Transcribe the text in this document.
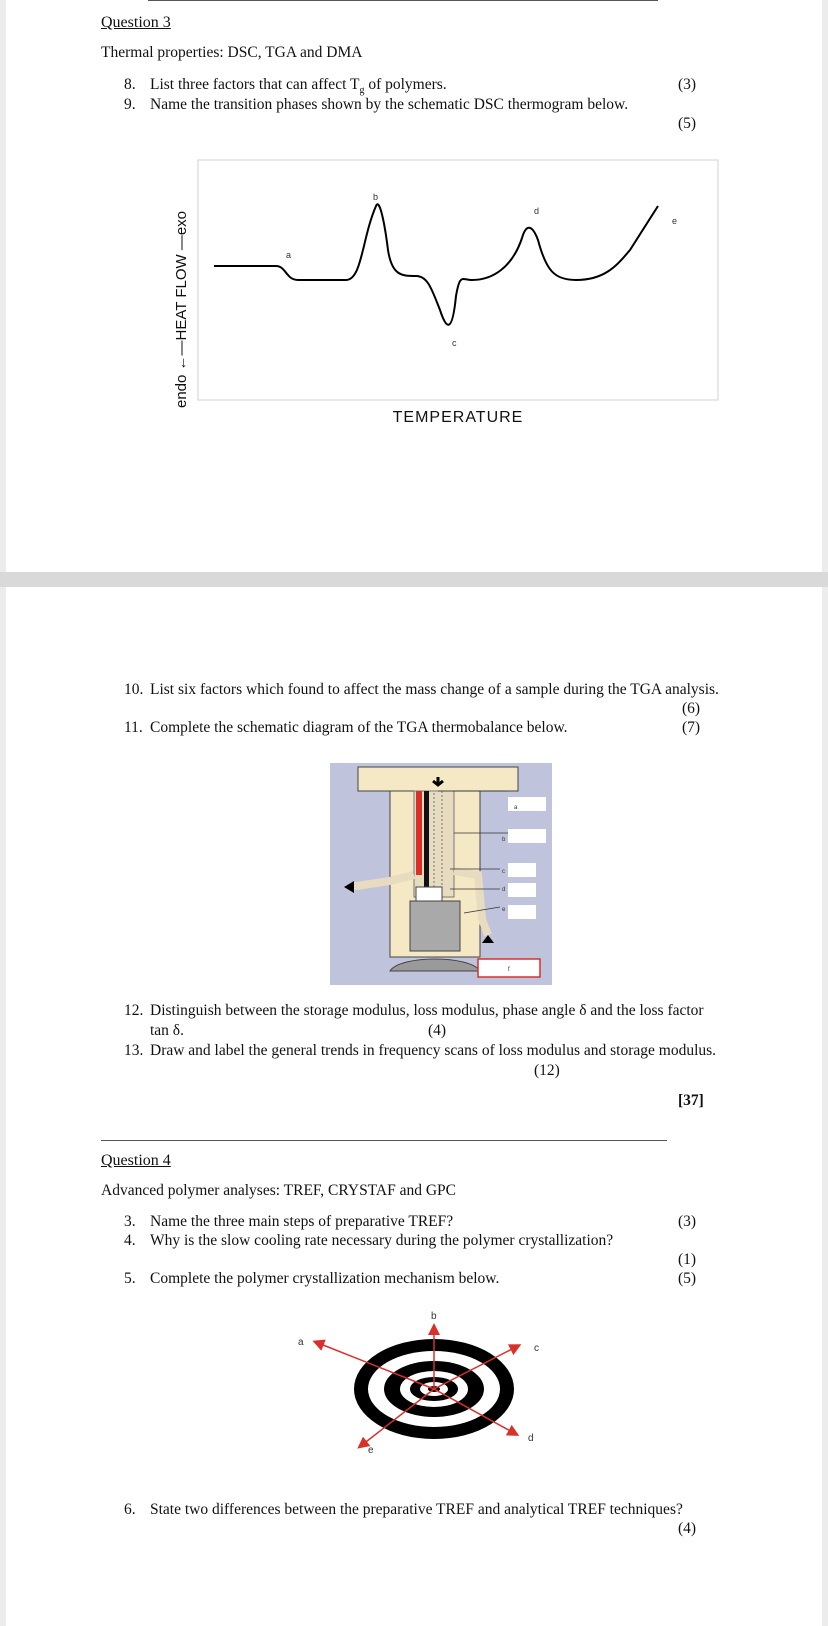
Question 3
Thermal properties: DSC, TGA and DMA
8. List three factors that can affect $T_g$ of polymers.	(3)
9. Name the transition phases shown by the schematic DSC thermogram below.
(5)
a
b
c
d
e
endo ←—HEAT FLOW —exo
TEMPERATURE
10. List six factors which found to affect the mass change of a sample during the TGA analysis.
(6)
11. Complete the schematic diagram of the TGA thermobalance below.	(7)
a
b
c
d
e
f
12. Distinguish between the storage modulus, loss modulus, phase angle δ and the loss factor
tan δ.	(4)
13. Draw and label the general trends in frequency scans of loss modulus and storage modulus.
(12)
[37]
Question 4
Advanced polymer analyses: TREF, CRYSTAF and GPC
3. Name the three main steps of preparative TREF?	(3)
4. Why is the slow cooling rate necessary during the polymer crystallization?
(1)
5. Complete the polymer crystallization mechanism below.	(5)
a
b
c
d
e
6. State two differences between the preparative TREF and analytical TREF techniques?
(4)
